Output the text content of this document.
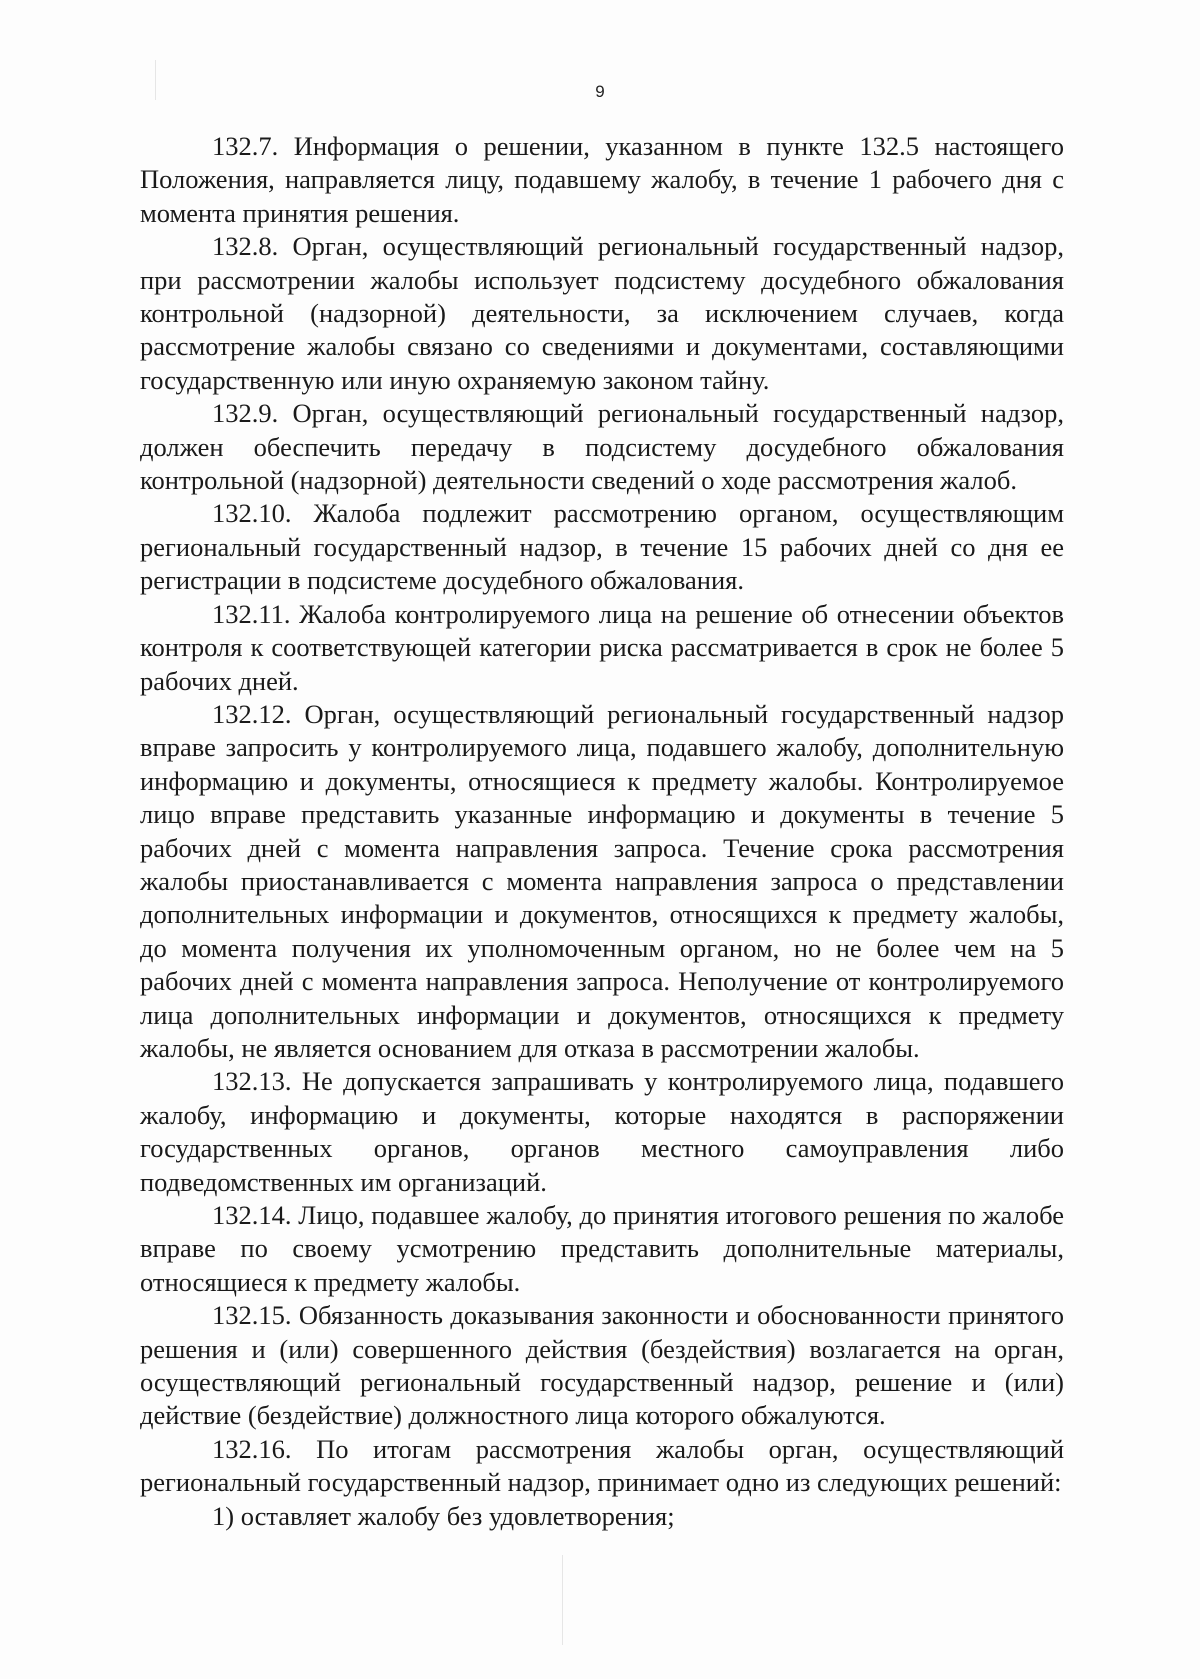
9

132.7. Информация о решении, указанном в пункте 132.5 настоящего Положения, направляется лицу, подавшему жалобу, в течение 1 рабочего дня с момента принятия решения.

132.8. Орган, осуществляющий региональный государственный надзор, при рассмотрении жалобы использует подсистему досудебного обжалования контрольной (надзорной) деятельности, за исключением случаев, когда рассмотрение жалобы связано со сведениями и документами, составляющими государственную или иную охраняемую законом тайну.

132.9. Орган, осуществляющий региональный государственный надзор, должен обеспечить передачу в подсистему досудебного обжалования контрольной (надзорной) деятельности сведений о ходе рассмотрения жалоб.

132.10. Жалоба подлежит рассмотрению органом, осуществляющим региональный государственный надзор, в течение 15 рабочих дней со дня ее регистрации в подсистеме досудебного обжалования.

132.11. Жалоба контролируемого лица на решение об отнесении объектов контроля к соответствующей категории риска рассматривается в срок не более 5 рабочих дней.

132.12. Орган, осуществляющий региональный государственный надзор вправе запросить у контролируемого лица, подавшего жалобу, дополнительную информацию и документы, относящиеся к предмету жалобы. Контролируемое лицо вправе представить указанные информацию и документы в течение 5 рабочих дней с момента направления запроса. Течение срока рассмотрения жалобы приостанавливается с момента направления запроса о представлении дополнительных информации и документов, относящихся к предмету жалобы, до момента получения их уполномоченным органом, но не более чем на 5 рабочих дней с момента направления запроса. Неполучение от контролируемого лица дополнительных информации и документов, относящихся к предмету жалобы, не является основанием для отказа в рассмотрении жалобы.

132.13. Не допускается запрашивать у контролируемого лица, подавшего жалобу, информацию и документы, которые находятся в распоряжении государственных органов, органов местного самоуправления либо подведомственных им организаций.

132.14. Лицо, подавшее жалобу, до принятия итогового решения по жалобе вправе по своему усмотрению представить дополнительные материалы, относящиеся к предмету жалобы.

132.15. Обязанность доказывания законности и обоснованности принятого решения и (или) совершенного действия (бездействия) возлагается на орган, осуществляющий региональный государственный надзор, решение и (или) действие (бездействие) должностного лица которого обжалуются.

132.16. По итогам рассмотрения жалобы орган, осуществляющий региональный государственный надзор, принимает одно из следующих решений:

1) оставляет жалобу без удовлетворения;
